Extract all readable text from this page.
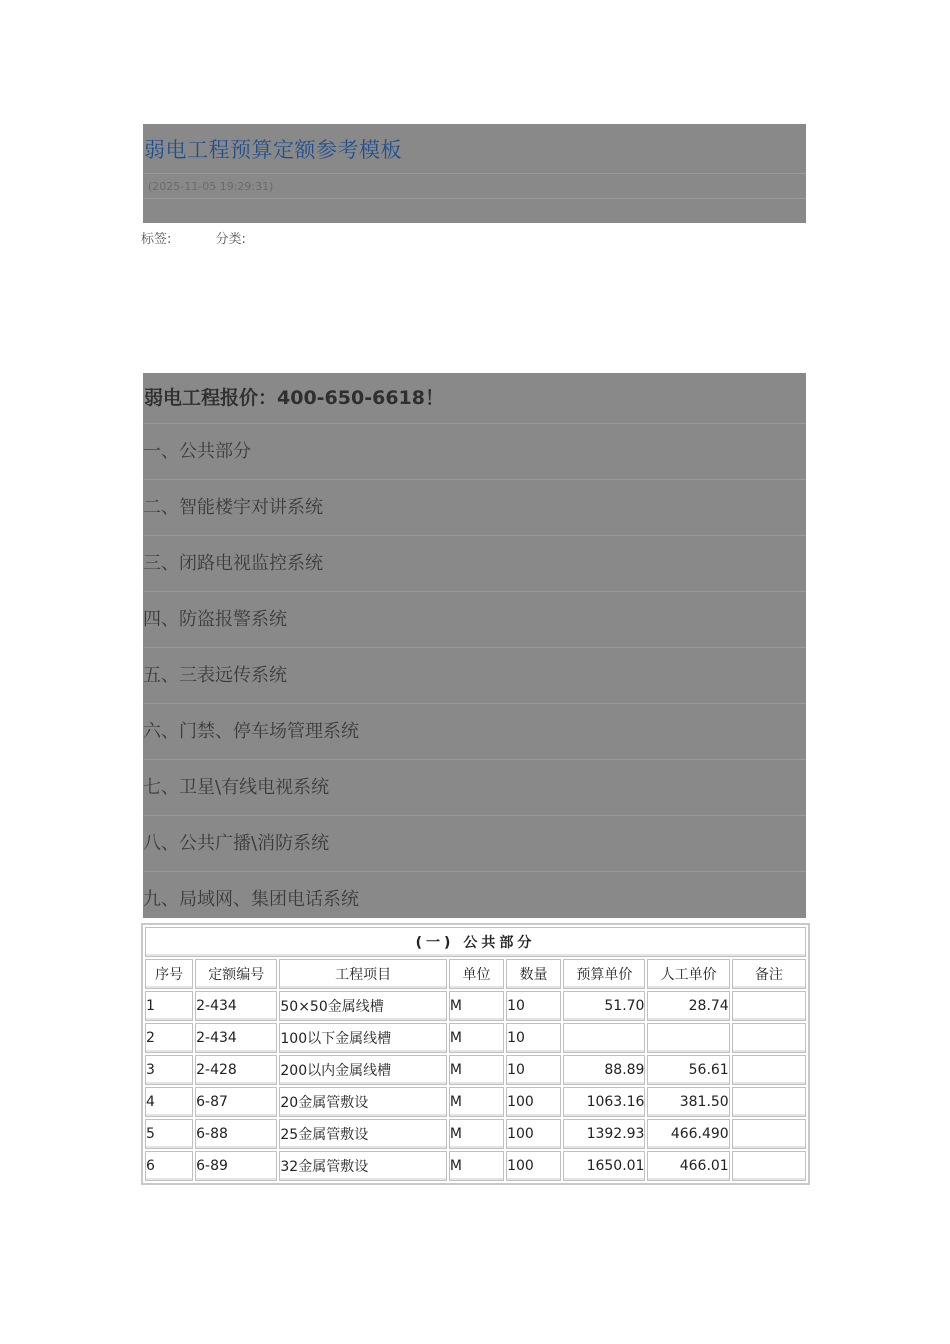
弱电工程预算定额参考模板
(2025-11-05 19:29:31)
标签:	分类:
弱电工程报价：400-650-6618！
一、公共部分
二、智能楼宇对讲系统
三、闭路电视监控系统
四、防盗报警系统
五、三表远传系统
六、门禁、停车场管理系统
七、卫星\有线电视系统
八、公共广播\消防系统
九、局域网、集团电话系统
(一) 公共部分							
序号	定额编号	工程项目	单位	数量	预算单价	人工单价	备注
1	2-434	50×50金属线槽	M	10	51.70	28.74	
2	2-434	100以下金属线槽	M	10			
3	2-428	200以内金属线槽	M	10	88.89	56.61	
4	6-87	20金属管敷设	M	100	1063.16	381.50	
5	6-88	25金属管敷设	M	100	1392.93	466.490	
6	6-89	32金属管敷设	M	100	1650.01	466.01	
